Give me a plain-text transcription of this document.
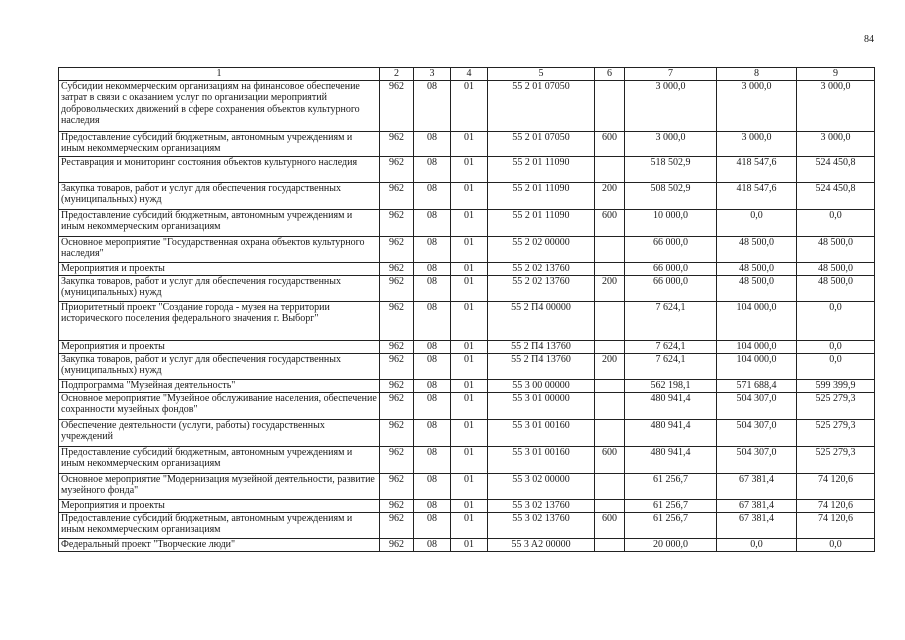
84
1	2	3	4	5	6	7	8	9
Субсидии некоммерческим организациям на финансовое обеспечение затрат в связи с оказанием услуг по организации мероприятий добровольческих движений в сфере сохранения объектов культурного наследия	962	08	01	55 2 01 07050		3 000,0	3 000,0	3 000,0
Предоставление субсидий бюджетным, автономным учреждениям и иным некоммерческим организациям	962	08	01	55 2 01 07050	600	3 000,0	3 000,0	3 000,0
Реставрация и мониторинг состояния объектов культурного наследия	962	08	01	55 2 01 11090		518 502,9	418 547,6	524 450,8
Закупка товаров, работ и услуг для обеспечения государственных (муниципальных) нужд	962	08	01	55 2 01 11090	200	508 502,9	418 547,6	524 450,8
Предоставление субсидий бюджетным, автономным учреждениям и иным некоммерческим организациям	962	08	01	55 2 01 11090	600	10 000,0	0,0	0,0
Основное мероприятие "Государственная охрана объектов культурного наследия"	962	08	01	55 2 02 00000		66 000,0	48 500,0	48 500,0
Мероприятия и проекты	962	08	01	55 2 02 13760		66 000,0	48 500,0	48 500,0
Закупка товаров, работ и услуг для обеспечения государственных (муниципальных) нужд	962	08	01	55 2 02 13760	200	66 000,0	48 500,0	48 500,0
Приоритетный проект "Создание города - музея на территории исторического поселения федерального значения г. Выборг"	962	08	01	55 2 П4 00000		7 624,1	104 000,0	0,0
Мероприятия и проекты	962	08	01	55 2 П4 13760		7 624,1	104 000,0	0,0
Закупка товаров, работ и услуг для обеспечения государственных (муниципальных) нужд	962	08	01	55 2 П4 13760	200	7 624,1	104 000,0	0,0
Подпрограмма "Музейная деятельность"	962	08	01	55 3 00 00000		562 198,1	571 688,4	599 399,9
Основное мероприятие "Музейное обслуживание населения, обеспечение сохранности музейных фондов"	962	08	01	55 3 01 00000		480 941,4	504 307,0	525 279,3
Обеспечение деятельности (услуги, работы) государственных учреждений	962	08	01	55 3 01 00160		480 941,4	504 307,0	525 279,3
Предоставление субсидий бюджетным, автономным учреждениям и иным некоммерческим организациям	962	08	01	55 3 01 00160	600	480 941,4	504 307,0	525 279,3
Основное мероприятие "Модернизация музейной деятельности, развитие музейного фонда"	962	08	01	55 3 02 00000		61 256,7	67 381,4	74 120,6
Мероприятия и проекты	962	08	01	55 3 02 13760		61 256,7	67 381,4	74 120,6
Предоставление субсидий бюджетным, автономным учреждениям и иным некоммерческим организациям	962	08	01	55 3 02 13760	600	61 256,7	67 381,4	74 120,6
Федеральный проект "Творческие люди"	962	08	01	55 3 A2 00000		20 000,0	0,0	0,0
